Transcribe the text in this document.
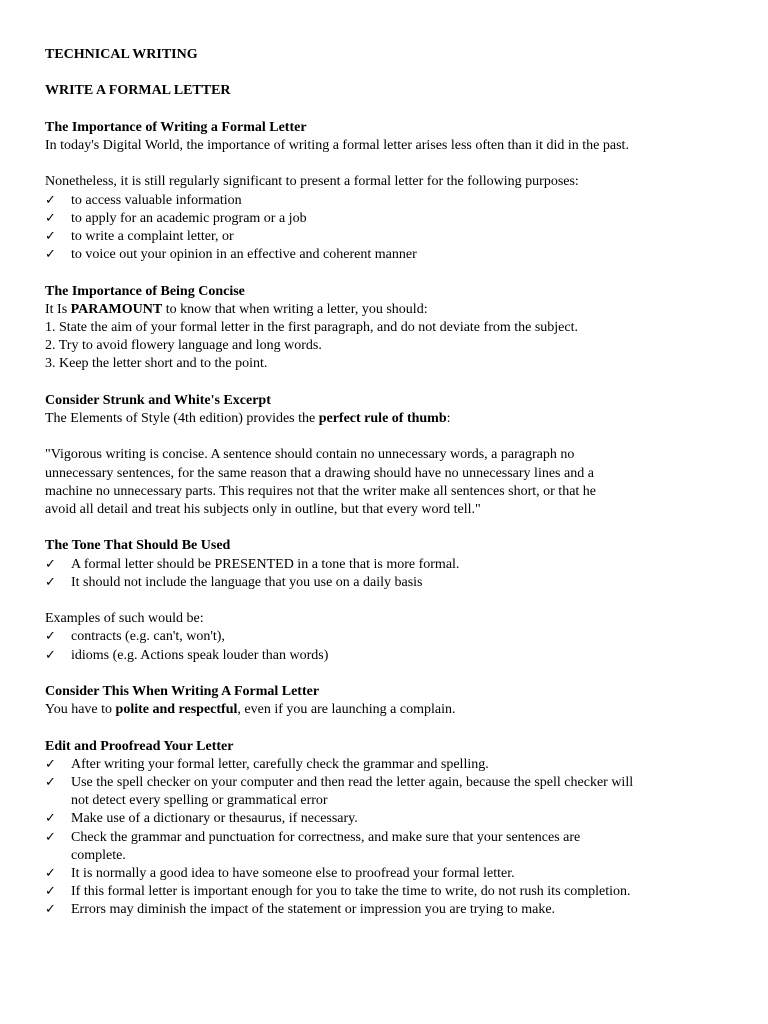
TECHNICAL WRITING

WRITE A FORMAL LETTER

The Importance of Writing a Formal Letter

In today's Digital World, the importance of writing a formal letter arises less often than it did in the past.

Nonetheless, it is still regularly significant to present a formal letter for the following purposes:

✓	to access valuable information

✓	to apply for an academic program or a job

✓	to write a complaint letter, or

✓	to voice out your opinion in an effective and coherent manner

The Importance of Being Concise

It Is PARAMOUNT to know that when writing a letter, you should:

1. State the aim of your formal letter in the first paragraph, and do not deviate from the subject.

2. Try to avoid flowery language and long words.

3. Keep the letter short and to the point.

Consider Strunk and White's Excerpt

The Elements of Style (4th edition) provides the perfect rule of thumb:

"Vigorous writing is concise. A sentence should contain no unnecessary words, a paragraph no

unnecessary sentences, for the same reason that a drawing should have no unnecessary lines and a

machine no unnecessary parts. This requires not that the writer make all sentences short, or that he

avoid all detail and treat his subjects only in outline, but that every word tell."

The Tone That Should Be Used

✓	A formal letter should be PRESENTED in a tone that is more formal.

✓	It should not include the language that you use on a daily basis

Examples of such would be:

✓	contracts (e.g. can't, won't),

✓	idioms (e.g. Actions speak louder than words)

Consider This When Writing A Formal Letter

You have to polite and respectful, even if you are launching a complain.

Edit and Proofread Your Letter

✓	After writing your formal letter, carefully check the grammar and spelling.
✓	Use the spell checker on your computer and then read the letter again, because the spell checker will
not detect every spelling or grammatical error
✓	Make use of a dictionary or thesaurus, if necessary.
✓	Check the grammar and punctuation for correctness, and make sure that your sentences are
complete.
✓	It is normally a good idea to have someone else to proofread your formal letter.
✓	If this formal letter is important enough for you to take the time to write, do not rush its completion.
✓	Errors may diminish the impact of the statement or impression you are trying to make.
